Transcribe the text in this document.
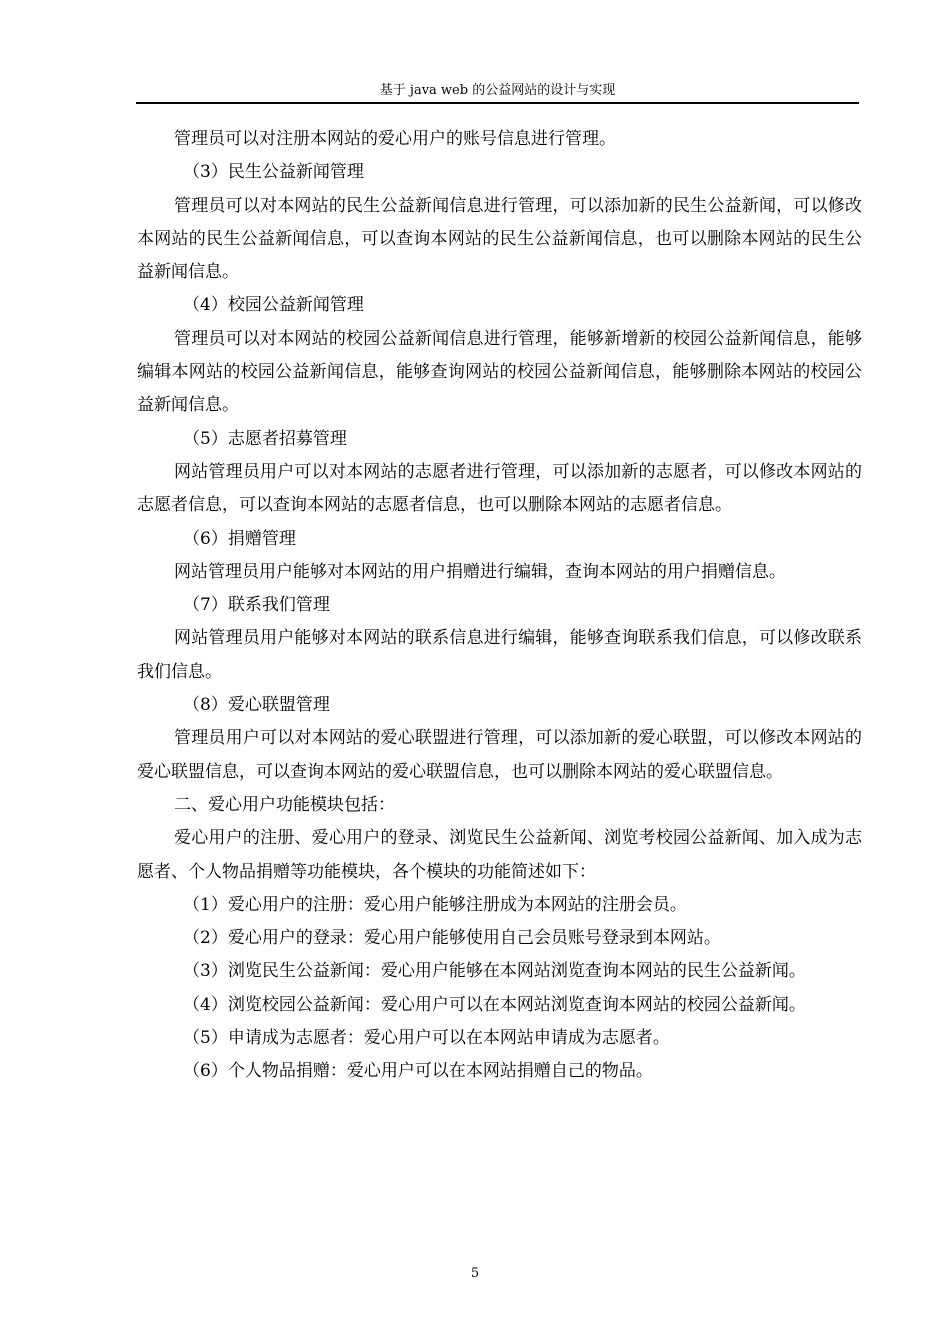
基于 java web 的公益网站的设计与实现

管理员可以对注册本网站的爱心用户的账号信息进行管理。

（3）民生公益新闻管理

管理员可以对本网站的民生公益新闻信息进行管理，可以添加新的民生公益新闻，可以修改本网站的民生公益新闻信息，可以查询本网站的民生公益新闻信息，也可以删除本网站的民生公益新闻信息。

（4）校园公益新闻管理

管理员可以对本网站的校园公益新闻信息进行管理，能够新增新的校园公益新闻信息，能够编辑本网站的校园公益新闻信息，能够查询网站的校园公益新闻信息，能够删除本网站的校园公益新闻信息。

（5）志愿者招募管理

网站管理员用户可以对本网站的志愿者进行管理，可以添加新的志愿者，可以修改本网站的志愿者信息，可以查询本网站的志愿者信息，也可以删除本网站的志愿者信息。

（6）捐赠管理

网站管理员用户能够对本网站的用户捐赠进行编辑，查询本网站的用户捐赠信息。

（7）联系我们管理

网站管理员用户能够对本网站的联系信息进行编辑，能够查询联系我们信息，可以修改联系我们信息。

（8）爱心联盟管理

管理员用户可以对本网站的爱心联盟进行管理，可以添加新的爱心联盟，可以修改本网站的爱心联盟信息，可以查询本网站的爱心联盟信息，也可以删除本网站的爱心联盟信息。

二、爱心用户功能模块包括：

爱心用户的注册、爱心用户的登录、浏览民生公益新闻、浏览考校园公益新闻、加入成为志愿者、个人物品捐赠等功能模块，各个模块的功能简述如下：

（1）爱心用户的注册：爱心用户能够注册成为本网站的注册会员。

（2）爱心用户的登录：爱心用户能够使用自己会员账号登录到本网站。

（3）浏览民生公益新闻：爱心用户能够在本网站浏览查询本网站的民生公益新闻。

（4）浏览校园公益新闻：爱心用户可以在本网站浏览查询本网站的校园公益新闻。

（5）申请成为志愿者：爱心用户可以在本网站申请成为志愿者。

（6）个人物品捐赠：爱心用户可以在本网站捐赠自己的物品。

5
